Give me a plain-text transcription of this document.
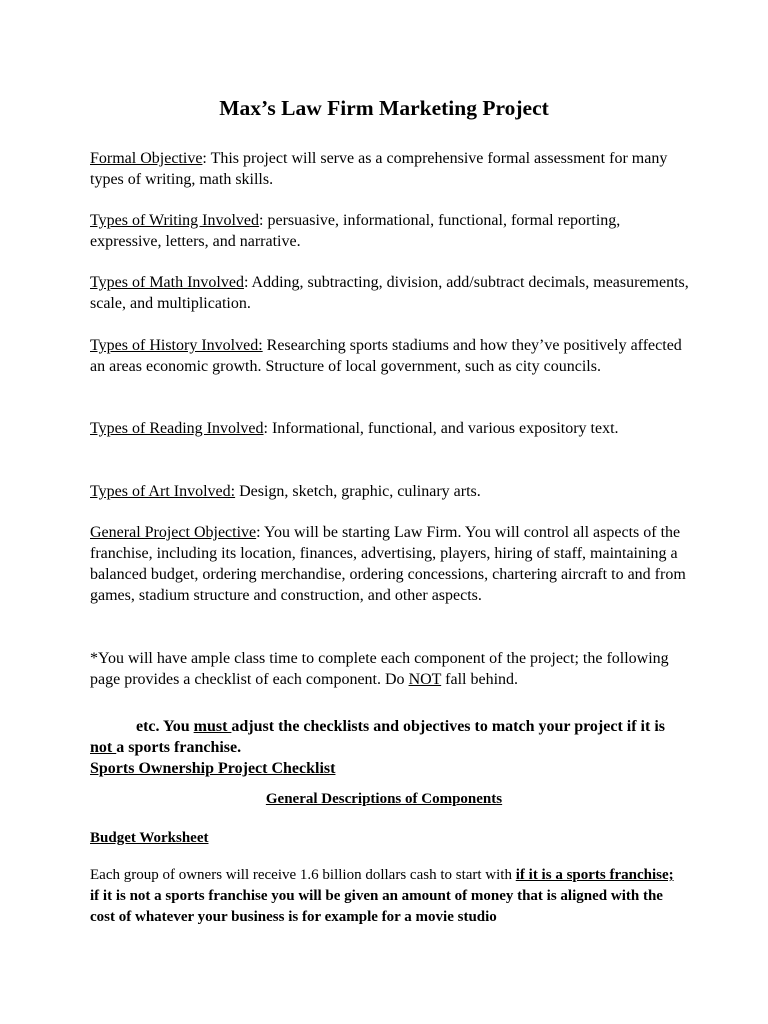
Max’s Law Firm Marketing Project
Formal Objective: This project will serve as a comprehensive formal assessment for many types of writing, math skills.
Types of Writing Involved: persuasive, informational, functional, formal reporting, expressive, letters, and narrative.
Types of Math Involved: Adding, subtracting, division, add/subtract decimals, measurements, scale, and multiplication.
Types of History Involved: Researching sports stadiums and how they’ve positively affected an areas economic growth. Structure of local government, such as city councils.
Types of Reading Involved: Informational, functional, and various expository text.
Types of Art Involved: Design, sketch, graphic, culinary arts.
General Project Objective: You will be starting Law Firm. You will control all aspects of the franchise, including its location, finances, advertising, players, hiring of staff, maintaining a balanced budget, ordering merchandise, ordering concessions, chartering aircraft to and from games, stadium structure and construction, and other aspects.
*You will have ample class time to complete each component of the project; the following page provides a checklist of each component. Do NOT fall behind.
etc. You must adjust the checklists and objectives to match your project if it is not a sports franchise.
Sports Ownership Project Checklist
General Descriptions of Components
Budget Worksheet
Each group of owners will receive 1.6 billion dollars cash to start with if it is a sports franchise; if it is not a sports franchise you will be given an amount of money that is aligned with the cost of whatever your business is for example for a movie studio
